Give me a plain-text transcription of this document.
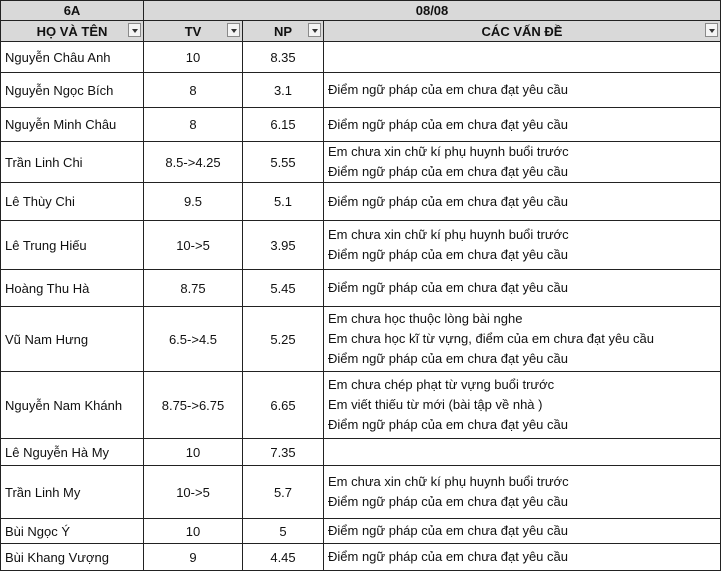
6A	08/08		

HỌ VÀ TÊN	TV	NP	CÁC VẤN ĐỀ

Nguyễn Châu Anh	10	8.35	
Nguyễn Ngọc Bích	8	3.1	Điểm ngữ pháp của em chưa đạt yêu cầu

Nguyễn Minh Châu	8	6.15	Điểm ngữ pháp của em chưa đạt yêu cầu

Trần Linh Chi	8.5->4.25	5.55	Em chưa xin chữ kí phụ huynh buổi trước
Điểm ngữ pháp của em chưa đạt yêu cầu

Lê Thùy Chi	9.5	5.1	Điểm ngữ pháp của em chưa đạt yêu cầu

Lê Trung Hiếu	10->5	3.95	Em chưa xin chữ kí phụ huynh buổi trước
Điểm ngữ pháp của em chưa đạt yêu cầu

Hoàng Thu Hà	8.75	5.45	Điểm ngữ pháp của em chưa đạt yêu cầu

Vũ Nam Hưng	6.5->4.5	5.25	Em chưa học thuộc lòng bài nghe
Em chưa học kĩ từ vựng, điểm của em chưa đạt yêu cầu
Điểm ngữ pháp của em chưa đạt yêu cầu

Nguyễn Nam Khánh	8.75->6.75	6.65	Em chưa chép phạt từ vựng buổi trước
Em viết thiếu từ mới (bài tập về nhà )
Điểm ngữ pháp của em chưa đạt yêu cầu

Lê Nguyễn Hà My	10	7.35	
Trần Linh My	10->5	5.7	Em chưa xin chữ kí phụ huynh buổi trước
Điểm ngữ pháp của em chưa đạt yêu cầu

Bùi Ngọc Ý	10	5	Điểm ngữ pháp của em chưa đạt yêu cầu

Bùi Khang Vượng	9	4.45	Điểm ngữ pháp của em chưa đạt yêu cầu
